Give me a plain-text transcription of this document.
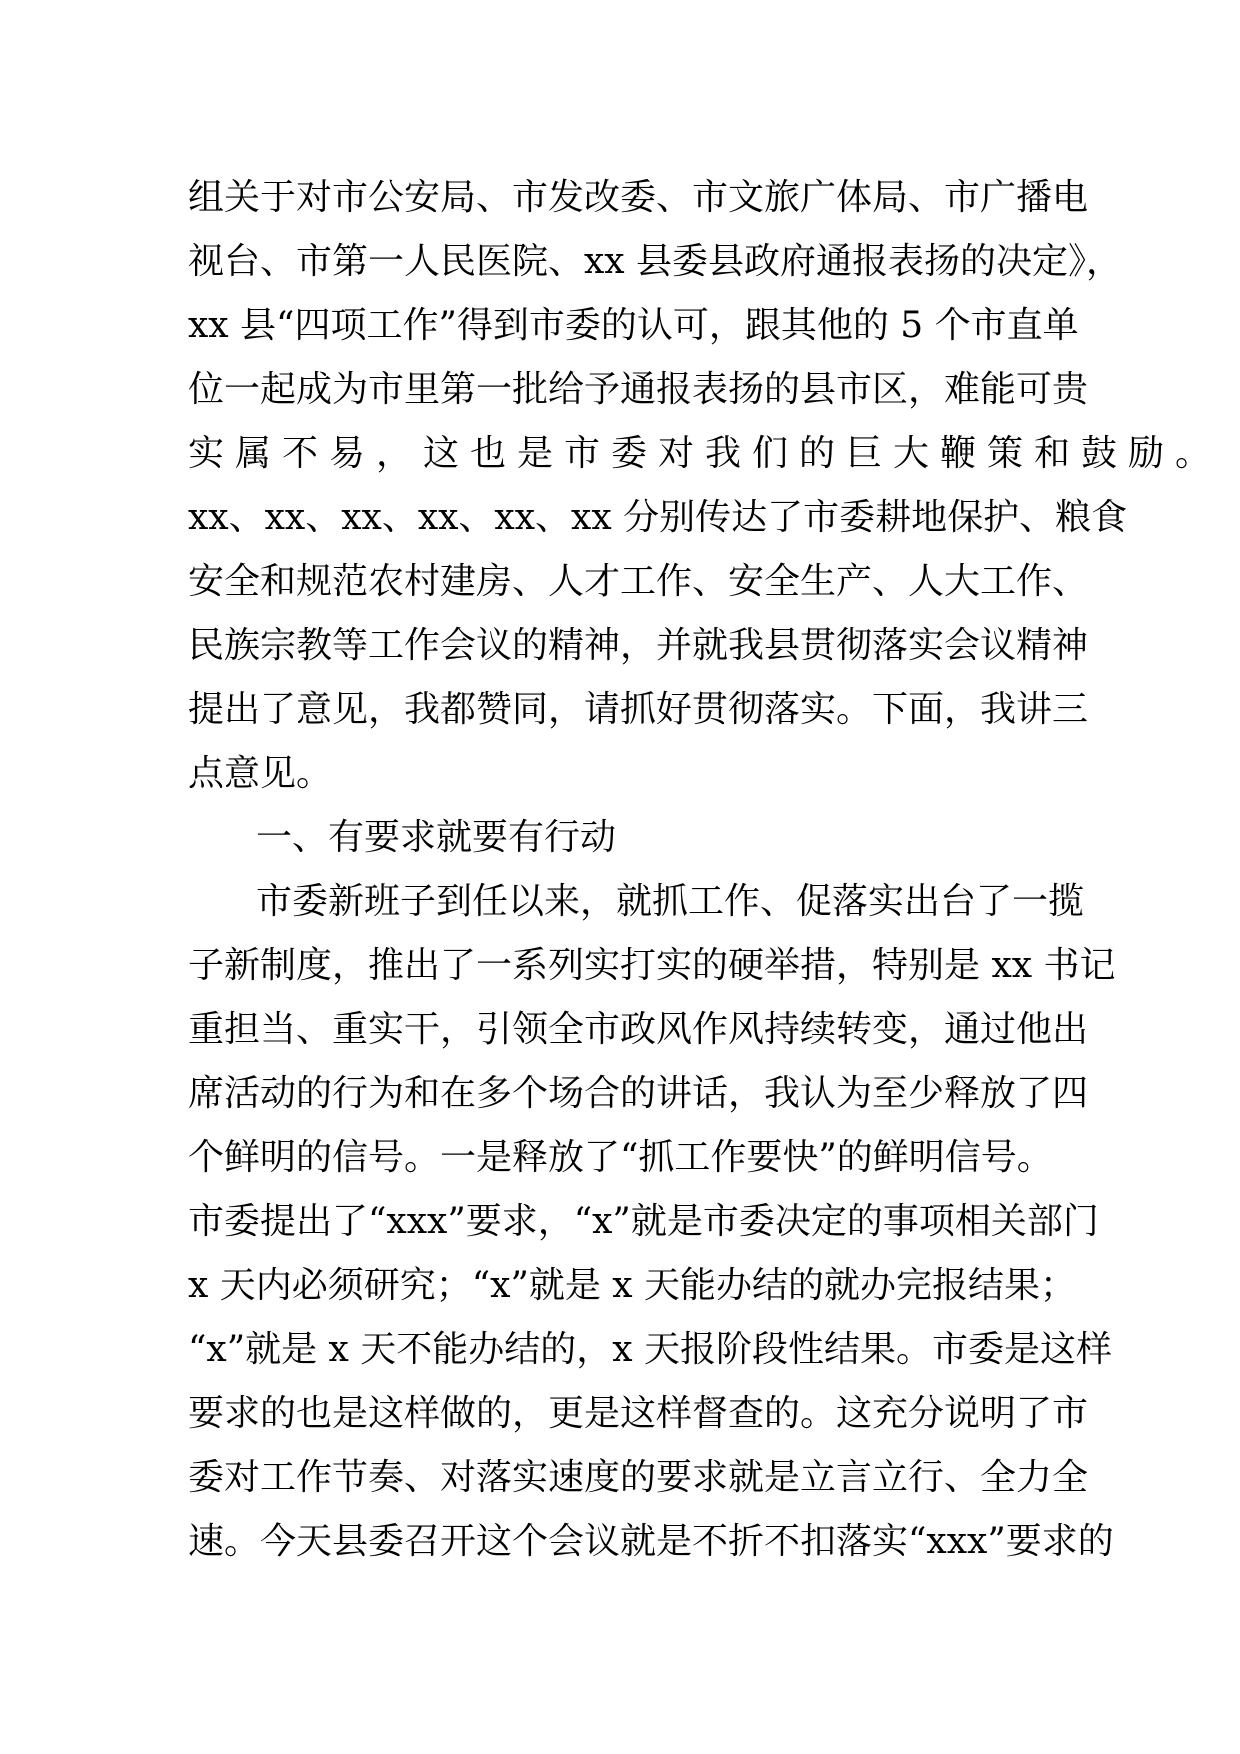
组关于对市公安局、市发改委、市文旅广体局、市广播电
视台、市第一人民医院、xx 县委县政府通报表扬的决定》，
xx 县“四项工作”得到市委的认可，跟其他的 5 个市直单
位一起成为市里第一批给予通报表扬的县市区，难能可贵
实属不易，这也是市委对我们的巨大鞭策和鼓励。
xx、xx、xx、xx、xx、xx 分别传达了市委耕地保护、粮食
安全和规范农村建房、人才工作、安全生产、人大工作、
民族宗教等工作会议的精神，并就我县贯彻落实会议精神
提出了意见，我都赞同，请抓好贯彻落实。下面，我讲三
点意见。
一、有要求就要有行动
市委新班子到任以来，就抓工作、促落实出台了一揽
子新制度，推出了一系列实打实的硬举措，特别是 xx 书记
重担当、重实干，引领全市政风作风持续转变，通过他出
席活动的行为和在多个场合的讲话，我认为至少释放了四
个鲜明的信号。一是释放了“抓工作要快”的鲜明信号。
市委提出了“xxx”要求，“x”就是市委决定的事项相关部门
x 天内必须研究；“x”就是 x 天能办结的就办完报结果；
“x”就是 x 天不能办结的，x 天报阶段性结果。市委是这样
要求的也是这样做的，更是这样督查的。这充分说明了市
委对工作节奏、对落实速度的要求就是立言立行、全力全
速。今天县委召开这个会议就是不折不扣落实“xxx”要求的
